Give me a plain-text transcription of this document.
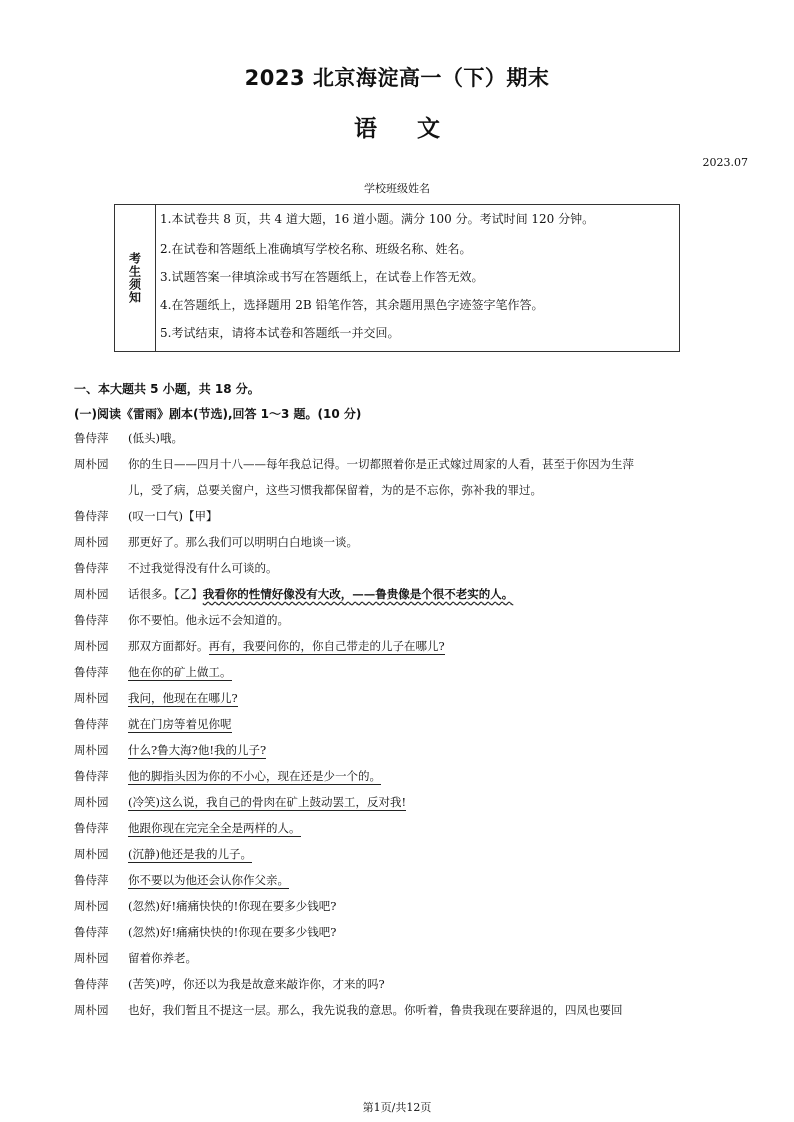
2023 北京海淀高一（下）期末
语文
2023.07
学校班级姓名
考生须知
1.本试卷共 8 页，共 4 道大题，16 道小题。满分 100 分。考试时间 120 分钟。
2.在试卷和答题纸上准确填写学校名称、班级名称、姓名。
3.试题答案一律填涂或书写在答题纸上，在试卷上作答无效。
4.在答题纸上，选择题用 2B 铅笔作答，其余题用黑色字迹签字笔作答。
5.考试结束，请将本试卷和答题纸一并交回。
一、本大题共 5 小题，共 18 分。
(一)阅读《雷雨》剧本(节选),回答 1～3 题。(10 分)
鲁侍萍	(低头)哦。
周朴园	你的生日——四月十八——每年我总记得。一切都照着你是正式嫁过周家的人看，甚至于你因为生萍
儿，受了病，总要关窗户，这些习惯我都保留着，为的是不忘你，弥补我的罪过。
鲁侍萍	(叹一口气)【甲】
周朴园	那更好了。那么我们可以明明白白地谈一谈。
鲁侍萍	不过我觉得没有什么可谈的。
周朴园	话很多。【乙】我看你的性情好像没有大改，——鲁贵像是个很不老实的人。
鲁侍萍	你不要怕。他永远不会知道的。
周朴园	那双方面都好。再有，我要问你的，你自己带走的儿子在哪儿?
鲁侍萍	他在你的矿上做工。
周朴园	我问，他现在在哪儿?
鲁侍萍	就在门房等着见你呢
周朴园	什么?鲁大海?他!我的儿子?
鲁侍萍	他的脚指头因为你的不小心，现在还是少一个的。
周朴园	(冷笑)这么说，我自己的骨肉在矿上鼓动罢工，反对我!
鲁侍萍	他跟你现在完完全全是两样的人。
周朴园	(沉静)他还是我的儿子。
鲁侍萍	你不要以为他还会认你作父亲。
周朴园	(忽然)好!痛痛快快的!你现在要多少钱吧?
鲁侍萍	(忽然)好!痛痛快快的!你现在要多少钱吧?
周朴园	留着你养老。
鲁侍萍	(苦笑)哼，你还以为我是故意来敲诈你，才来的吗?
周朴园	也好，我们暂且不提这一层。那么，我先说我的意思。你听着，鲁贵我现在要辞退的，四凤也要回
第1页/共12页
